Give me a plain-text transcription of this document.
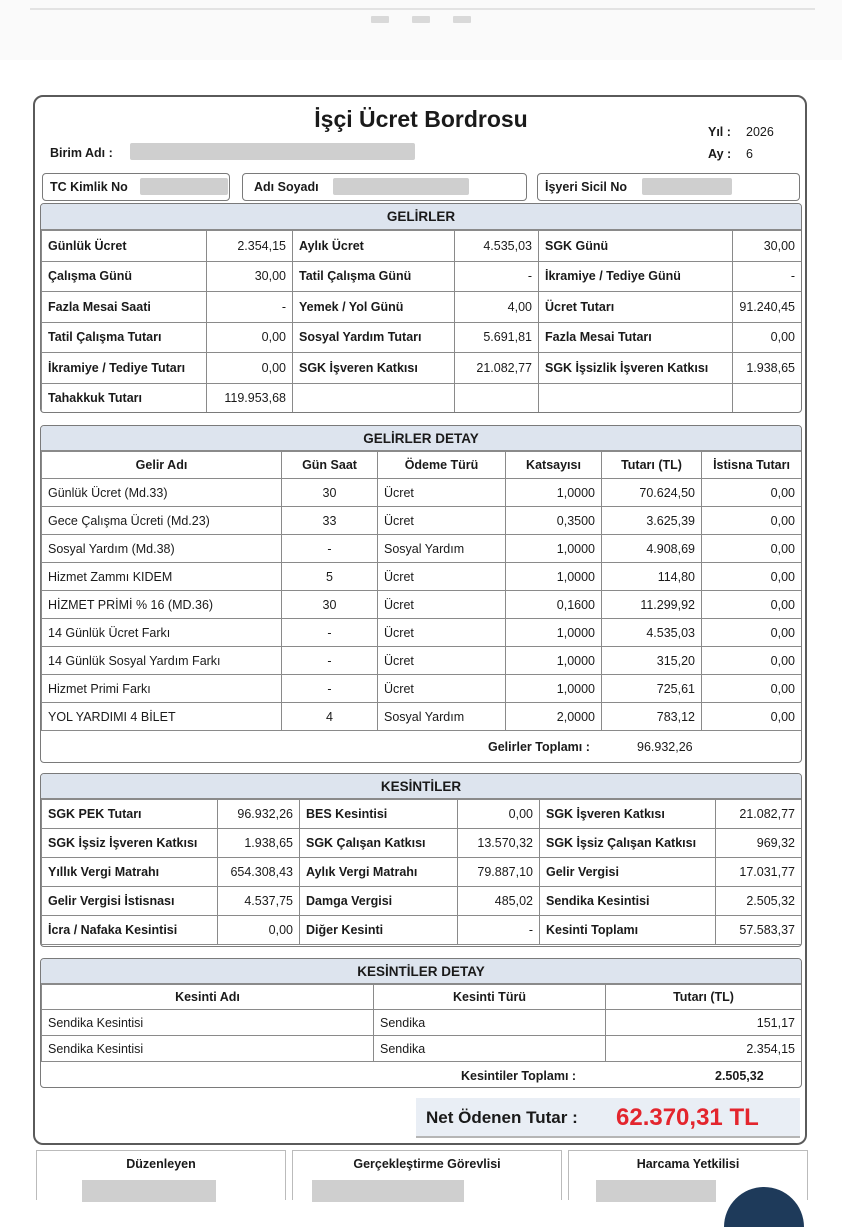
İşçi Ücret Bordrosu
Birim Adı :
Yıl : 2026
Ay : 6
TC Kimlik No	Adı Soyadı	İşyeri Sicil No
GELİRLER
Günlük Ücret	2.354,15	Aylık Ücret	4.535,03	SGK Günü	30,00
Çalışma Günü	30,00	Tatil Çalışma Günü	-	İkramiye / Tediye Günü	-
Fazla Mesai Saati	-	Yemek / Yol Günü	4,00	Ücret Tutarı	91.240,45
Tatil Çalışma Tutarı	0,00	Sosyal Yardım Tutarı	5.691,81	Fazla Mesai Tutarı	0,00
İkramiye / Tediye Tutarı	0,00	SGK İşveren Katkısı	21.082,77	SGK İşsizlik İşveren Katkısı	1.938,65
Tahakkuk Tutarı	119.953,68				
GELİRLER DETAY
Gelir Adı	Gün Saat	Ödeme Türü	Katsayısı	Tutarı (TL)	İstisna Tutarı
Günlük Ücret (Md.33)	30	Ücret	1,0000	70.624,50	0,00
Gece Çalışma Ücreti (Md.23)	33	Ücret	0,3500	3.625,39	0,00
Sosyal Yardım (Md.38)	-	Sosyal Yardım	1,0000	4.908,69	0,00
Hizmet Zammı KIDEM	5	Ücret	1,0000	114,80	0,00
HİZMET PRİMİ % 16 (MD.36)	30	Ücret	0,1600	11.299,92	0,00
14 Günlük Ücret Farkı	-	Ücret	1,0000	4.535,03	0,00
14 Günlük Sosyal Yardım Farkı	-	Ücret	1,0000	315,20	0,00
Hizmet Primi Farkı	-	Ücret	1,0000	725,61	0,00
YOL YARDIMI 4 BİLET	4	Sosyal Yardım	2,0000	783,12	0,00
Gelirler Toplamı :	96.932,26
KESİNTİLER
SGK PEK Tutarı	96.932,26	BES Kesintisi	0,00	SGK İşveren Katkısı	21.082,77
SGK İşsiz İşveren Katkısı	1.938,65	SGK Çalışan Katkısı	13.570,32	SGK İşsiz Çalışan Katkısı	969,32
Yıllık Vergi Matrahı	654.308,43	Aylık Vergi Matrahı	79.887,10	Gelir Vergisi	17.031,77
Gelir Vergisi İstisnası	4.537,75	Damga Vergisi	485,02	Sendika Kesintisi	2.505,32
İcra / Nafaka Kesintisi	0,00	Diğer Kesinti	-	Kesinti Toplamı	57.583,37
KESİNTİLER DETAY
Kesinti Adı	Kesinti Türü	Tutarı (TL)
Sendika Kesintisi	Sendika	151,17
Sendika Kesintisi	Sendika	2.354,15
Kesintiler Toplamı :	2.505,32
Net Ödenen Tutar : 62.370,31 TL
Düzenleyen	Gerçekleştirme Görevlisi	Harcama Yetkilisi
